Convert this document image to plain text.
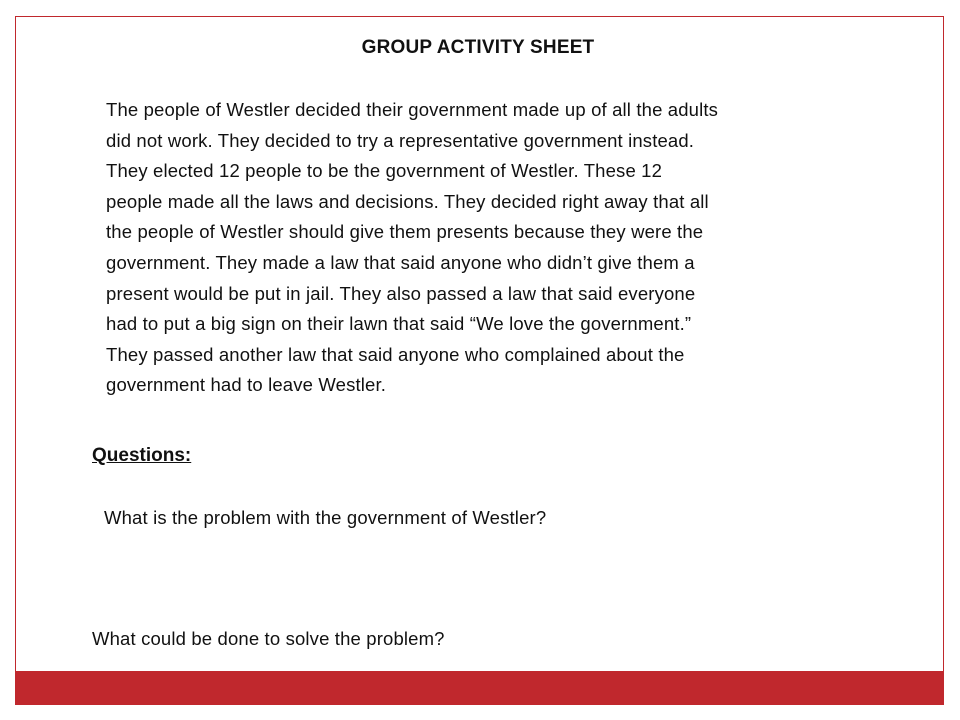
GROUP ACTIVITY SHEET
The people of Westler decided their government made up of all the adults
did not work. They decided to try a representative government instead.
They elected 12 people to be the government of Westler. These 12
people made all the laws and decisions. They decided right away that all
the people of Westler should give them presents because they were the
government. They made a law that said anyone who didn’t give them a
present would be put in jail. They also passed a law that said everyone
had to put a big sign on their lawn that said “We love the government.”
They passed another law that said anyone who complained about the
government had to leave Westler.
Questions:
What is the problem with the government of Westler?
What could be done to solve the problem?
